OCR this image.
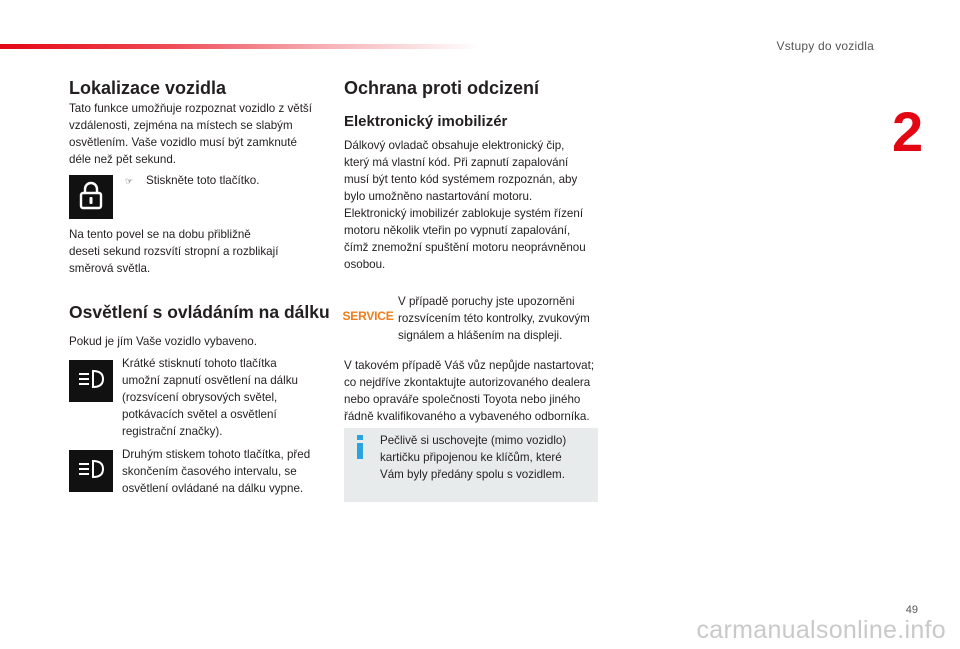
Vstupy do vozidla
2
Lokalizace vozidla

Tato funkce umožňuje rozpoznat vozidlo z větší
vzdálenosti, zejména na místech se slabým
osvětlením. Vaše vozidlo musí být zamknuté
déle než pět sekund.

☞ Stiskněte toto tlačítko.

Na tento povel se na dobu přibližně
deseti sekund rozsvítí stropní a rozblikají
směrová světla.

Osvětlení s ovládáním na dálku

Pokud je jím Vaše vozidlo vybaveno.

Krátké stisknutí tohoto tlačítka
umožní zapnutí osvětlení na dálku
(rozsvícení obrysových světel,
potkávacích světel a osvětlení
registrační značky).

Druhým stiskem tohoto tlačítka, před
skončením časového intervalu, se
osvětlení ovládané na dálku vypne.

Ochrana proti odcizení
Elektronický imobilizér

Dálkový ovladač obsahuje elektronický čip,
který má vlastní kód. Při zapnutí zapalování
musí být tento kód systémem rozpoznán, aby
bylo umožněno nastartování motoru.
Elektronický imobilizér zablokuje systém řízení
motoru několik vteřin po vypnutí zapalování,
čímž znemožní spuštění motoru neoprávněnou
osobou.

SERVICE

V případě poruchy jste upozorněni
rozsvícením této kontrolky, zvukovým
signálem a hlášením na displeji.

V takovém případě Váš vůz nepůjde nastartovat;
co nejdříve zkontaktujte autorizovaného dealera
nebo opraváře společnosti Toyota nebo jiného
řádně kvalifikovaného a vybaveného odborníka.

Pečlivě si uschovejte (mimo vozidlo)
kartičku připojenou ke klíčům, které
Vám byly předány spolu s vozidlem.

49
carmanualsonline.info
